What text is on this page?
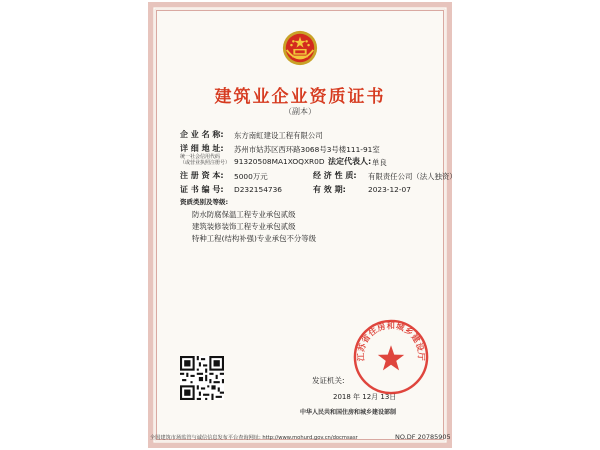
建筑业企业资质证书
（副本）
企 业 名 称: 东方南虹建设工程有限公司
详 细 地 址: 苏州市姑苏区西环路3068号3号楼111-91室
统一社会信用代码
（或营业执照注册号） 91320508MA1XOQXR0D 法定代表人: 单良
注 册 资 本: 5000万元	经 济 性 质: 有限责任公司（法人独资）
证 书 编 号: D232154736	有 效 期:	2023-12-07
资质类别及等级:
防水防腐保温工程专业承包贰级
建筑装修装饰工程专业承包贰级
特种工程(结构补强)专业承包不分等级
发证机关:
2018 年 12月 13日
中华人民共和国住房和城乡建设部制
江苏省住房和城乡建设厅
全国建筑市场监管与诚信信息发布平台查询网址: http://www.mohurd.gov.cn/docmsasr	NO.DF 20785905
